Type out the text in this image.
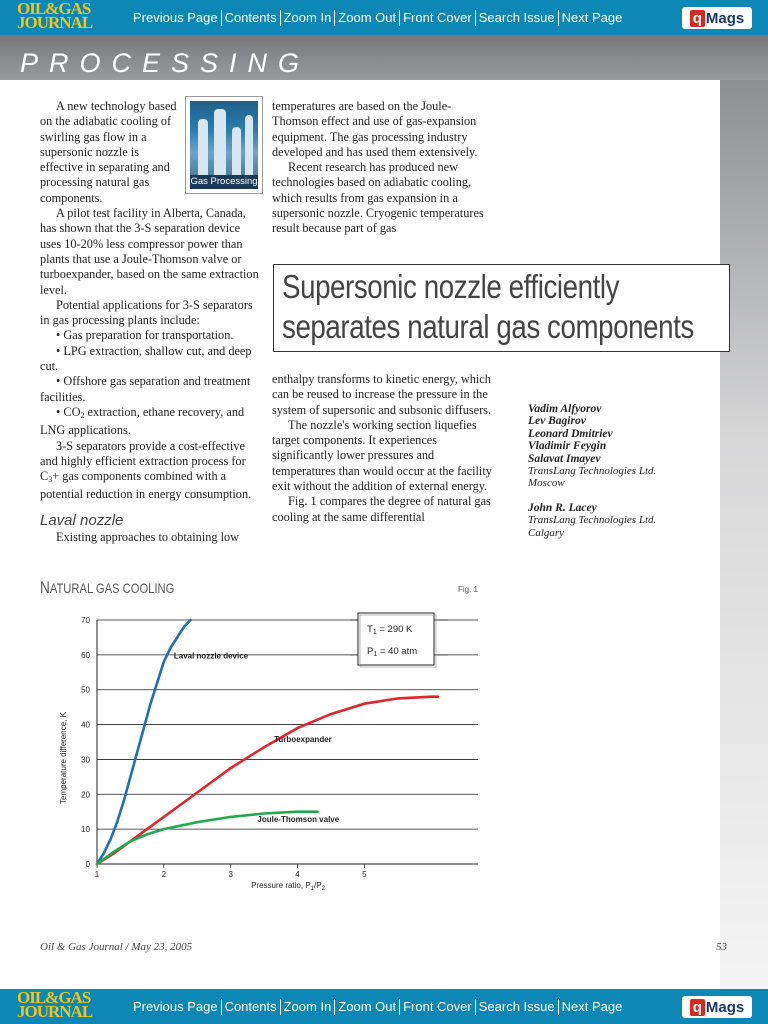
OIL&GAS
JOURNAL	Previous Page Contents Zoom In Zoom Out Front Cover Search Issue Next Page	q Mags
PROCESSING
Gas Processing

A new technology based on the adiabatic cooling of swirling gas flow in a supersonic nozzle is effective in separating and processing natural gas components.

A pilot test facility in Alberta, Canada, has shown that the 3-S separation device uses 10-20% less compressor power than plants that use a Joule-Thomson valve or turboexpander, based on the same extraction level.

Potential applications for 3-S separators in gas processing plants include:

• Gas preparation for transportation.

• LPG extraction, shallow cut, and deep cut.

• Offshore gas separation and treatment facilities.

• $CO_2$ extraction, ethane recovery, and LNG applications.

3-S separators provide a cost-effective and highly efficient extraction process for $C_3+$ gas components combined with a potential reduction in energy consumption.

Laval nozzle

Existing approaches to obtaining low

temperatures are based on the Joule-Thomson effect and use of gas-expansion equipment. The gas processing industry developed and has used them extensively.

Recent research has produced new technologies based on adiabatic cooling, which results from gas expansion in a supersonic nozzle. Cryogenic temperatures result because part of gas

Supersonic nozzle efficiently
separates natural gas components

enthalpy transforms to kinetic energy, which can be reused to increase the pressure in the system of supersonic and subsonic diffusers.

The nozzle's working section liquefies target components. It experiences significantly lower pressures and temperatures than would occur at the facility exit without the addition of external energy.

Fig. 1 compares the degree of natural gas cooling at the same differential

Vadim Alfyorov
Lev Bagirov
Leonard Dmitriev
Vladimir Feygin
Salavat Imayev
TransLang Technologies Ltd.
Moscow
John R. Lacey
TransLang Technologies Ltd.
Calgary
NATURAL GAS COOLING	Fig. 1
0
10
20
30
40
50
60
70
1	2	3	4	5
Laval nozzle device
Turboexpander
Joule-Thomson valve
Temperature difference, K
Pressure ratio, $P_1/P_2$
$T_1 = 290$ K
$P_1 = 40$ atm
Oil & Gas Journal / May 23, 2005	53
OIL&GAS
JOURNAL	Previous Page Contents Zoom In Zoom Out Front Cover Search Issue Next Page	q Mags
